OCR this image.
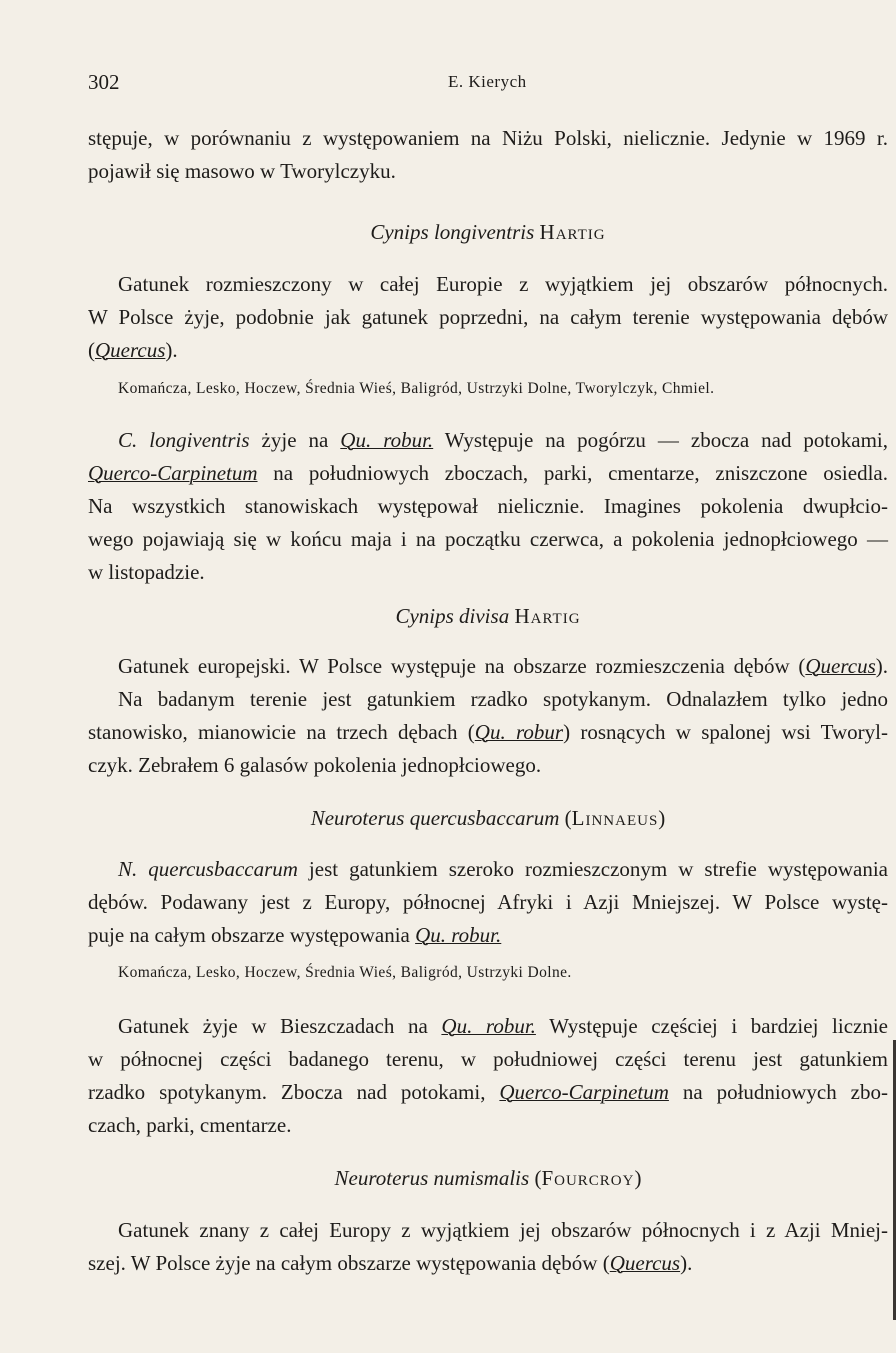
302	E. Kierych
stępuje, w porównaniu z występowaniem na Niżu Polski, nielicznie. Jedynie w 1969 r.
pojawił się masowo w Tworylczyku.
Cynips longiventris Hartig
Gatunek rozmieszczony w całej Europie z wyjątkiem jej obszarów północnych.
W Polsce żyje, podobnie jak gatunek poprzedni, na całym terenie występowania dębów
(Quercus).
Komańcza, Lesko, Hoczew, Średnia Wieś, Baligród, Ustrzyki Dolne, Tworylczyk, Chmiel.
C. longiventris żyje na Qu. robur. Występuje na pogórzu — zbocza nad potokami,
Querco-Carpinetum na południowych zboczach, parki, cmentarze, zniszczone osiedla.
Na wszystkich stanowiskach występował nielicznie. Imagines pokolenia dwupłcio-
wego pojawiają się w końcu maja i na początku czerwca, a pokolenia jednopłciowego —
w listopadzie.
Cynips divisa Hartig
Gatunek europejski. W Polsce występuje na obszarze rozmieszczenia dębów (Quercus).
Na badanym terenie jest gatunkiem rzadko spotykanym. Odnalazłem tylko jedno
stanowisko, mianowicie na trzech dębach (Qu. robur) rosnących w spalonej wsi Tworyl-
czyk. Zebrałem 6 galasów pokolenia jednopłciowego.
Neuroterus quercusbaccarum (Linnaeus)
N. quercusbaccarum jest gatunkiem szeroko rozmieszczonym w strefie występowania
dębów. Podawany jest z Europy, północnej Afryki i Azji Mniejszej. W Polsce wystę-
puje na całym obszarze występowania Qu. robur.
Komańcza, Lesko, Hoczew, Średnia Wieś, Baligród, Ustrzyki Dolne.
Gatunek żyje w Bieszczadach na Qu. robur. Występuje częściej i bardziej licznie
w północnej części badanego terenu, w południowej części terenu jest gatunkiem
rzadko spotykanym. Zbocza nad potokami, Querco-Carpinetum na południowych zbo-
czach, parki, cmentarze.
Neuroterus numismalis (Fourcroy)
Gatunek znany z całej Europy z wyjątkiem jej obszarów północnych i z Azji Mniej-
szej. W Polsce żyje na całym obszarze występowania dębów (Quercus).
